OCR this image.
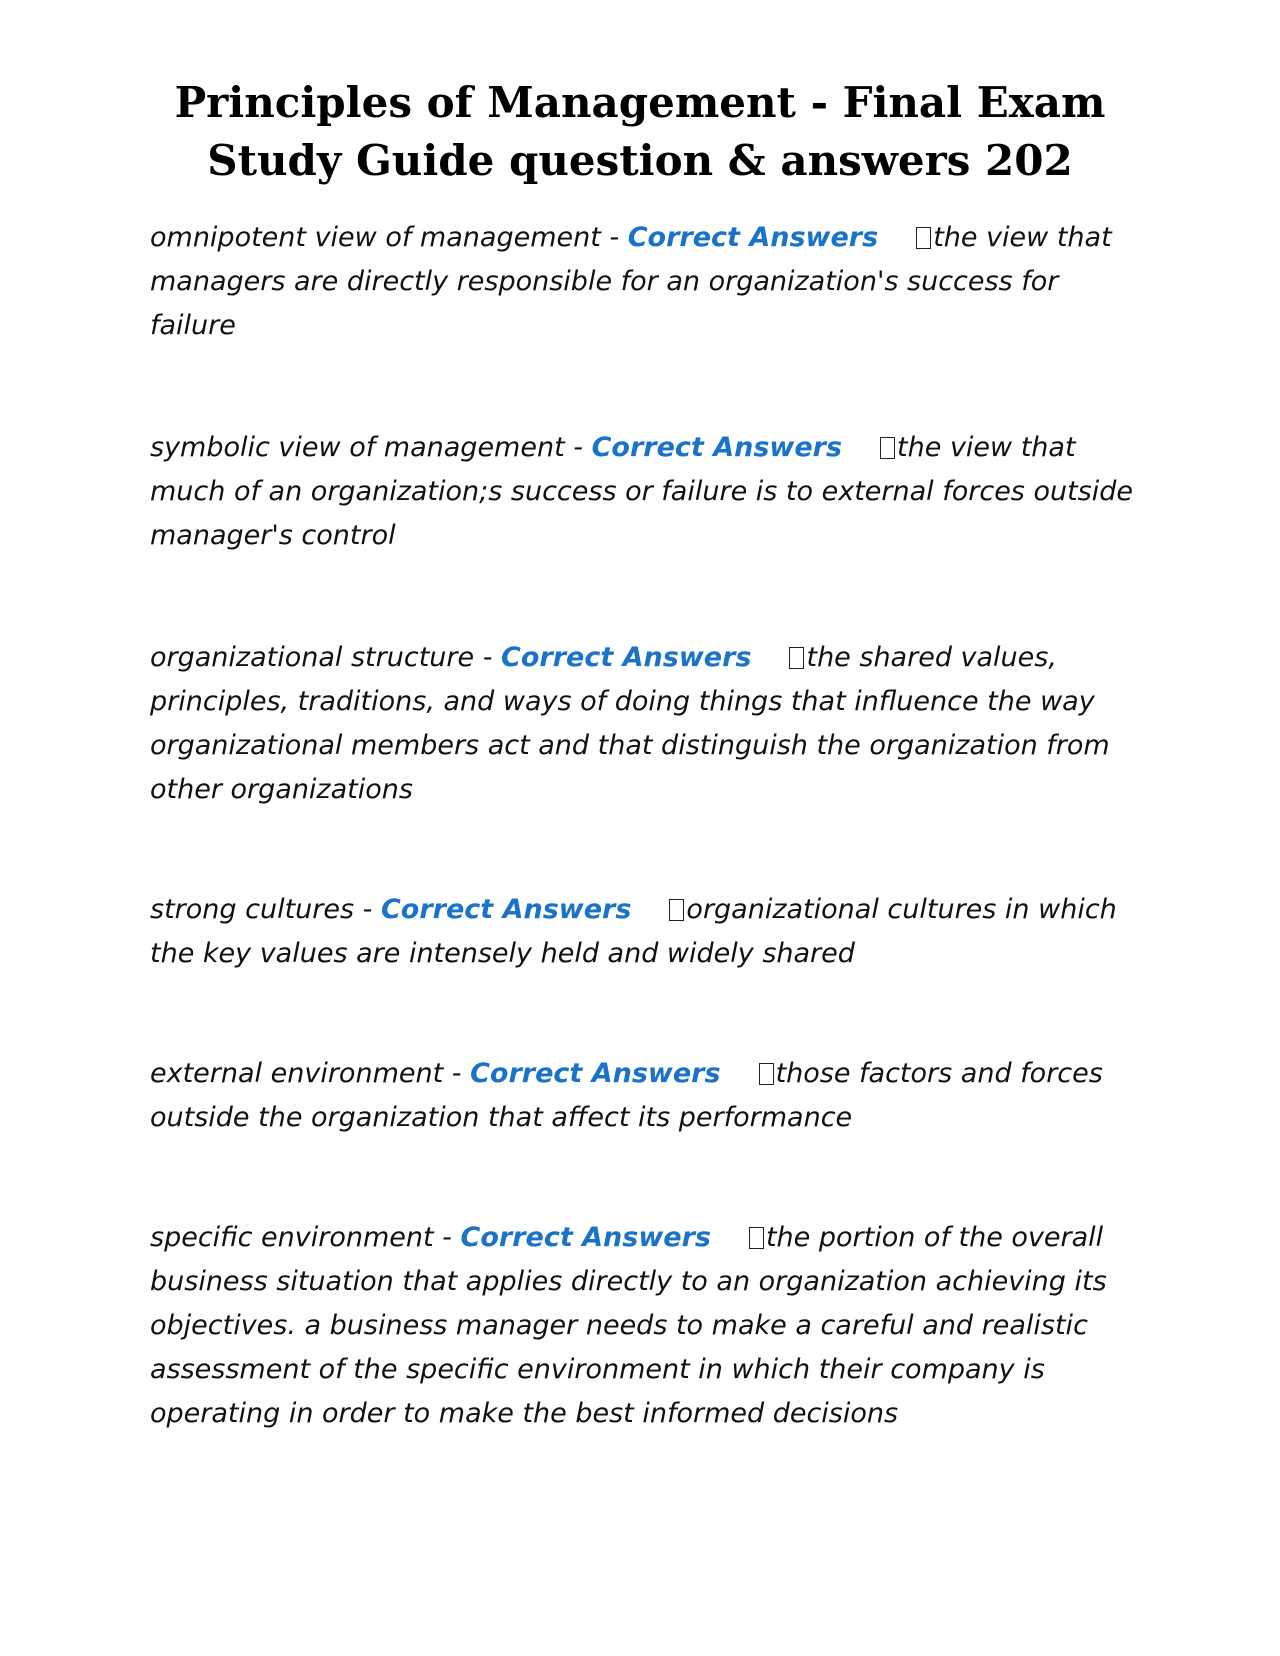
Principles of Management - Final Exam
Study Guide question & answers 202

omnipotent view of management - Correct Answers the view that managers are directly responsible for an organization's success for failure

symbolic view of management - Correct Answers the view that much of an organization;s success or failure is to external forces outside manager's control

organizational structure - Correct Answers the shared values, principles, traditions, and ways of doing things that influence the way organizational members act and that distinguish the organization from other organizations

strong cultures - Correct Answers organizational cultures in which the key values are intensely held and widely shared

external environment - Correct Answers those factors and forces outside the organization that affect its performance

specific environment - Correct Answers the portion of the overall business situation that applies directly to an organization achieving its objectives. a business manager needs to make a careful and realistic assessment of the specific environment in which their company is operating in order to make the best informed decisions
